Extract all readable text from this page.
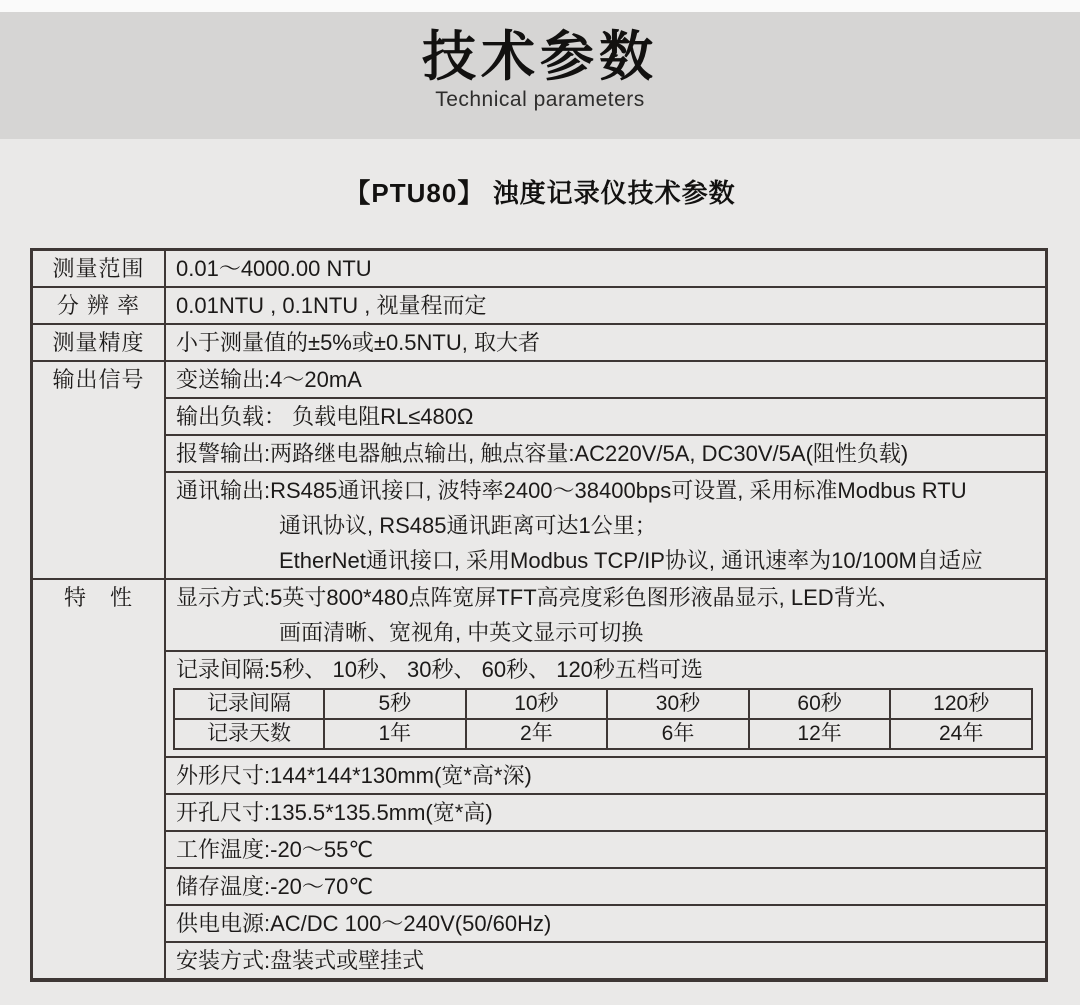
技术参数
Technical parameters
【PTU80】 浊度记录仪技术参数
测量范围	0.01～4000.00 NTU

分 辨 率	0.01NTU , 0.1NTU , 视量程而定

测量精度	小于测量值的±5%或±0.5NTU, 取大者

输出信号	变送输出:4～20mA

输出负载： 负载电阻RL≤480Ω

报警输出:两路继电器触点输出, 触点容量:AC220V/5A, DC30V/5A(阻性负载)

通讯输出:RS485通讯接口, 波特率2400～38400bps可设置, 采用标准Modbus RTU
通讯协议, RS485通讯距离可达1公里；
EtherNet通讯接口, 采用Modbus TCP/IP协议, 通讯速率为10/100M自适应

特　性	显示方式:5英寸800*480点阵宽屏TFT高亮度彩色图形液晶显示, LED背光、
画面清晰、宽视角, 中英文显示可切换

记录间隔:5秒、 10秒、 30秒、 60秒、 120秒五档可选
记录间隔	5秒	10秒	30秒	60秒	120秒
记录天数	1年	2年	6年	12年	24年

外形尺寸:144*144*130mm(宽*高*深)

开孔尺寸:135.5*135.5mm(宽*高)

工作温度:-20～55℃

储存温度:-20～70℃

供电电源:AC/DC 100～240V(50/60Hz)

安装方式:盘装式或壁挂式
